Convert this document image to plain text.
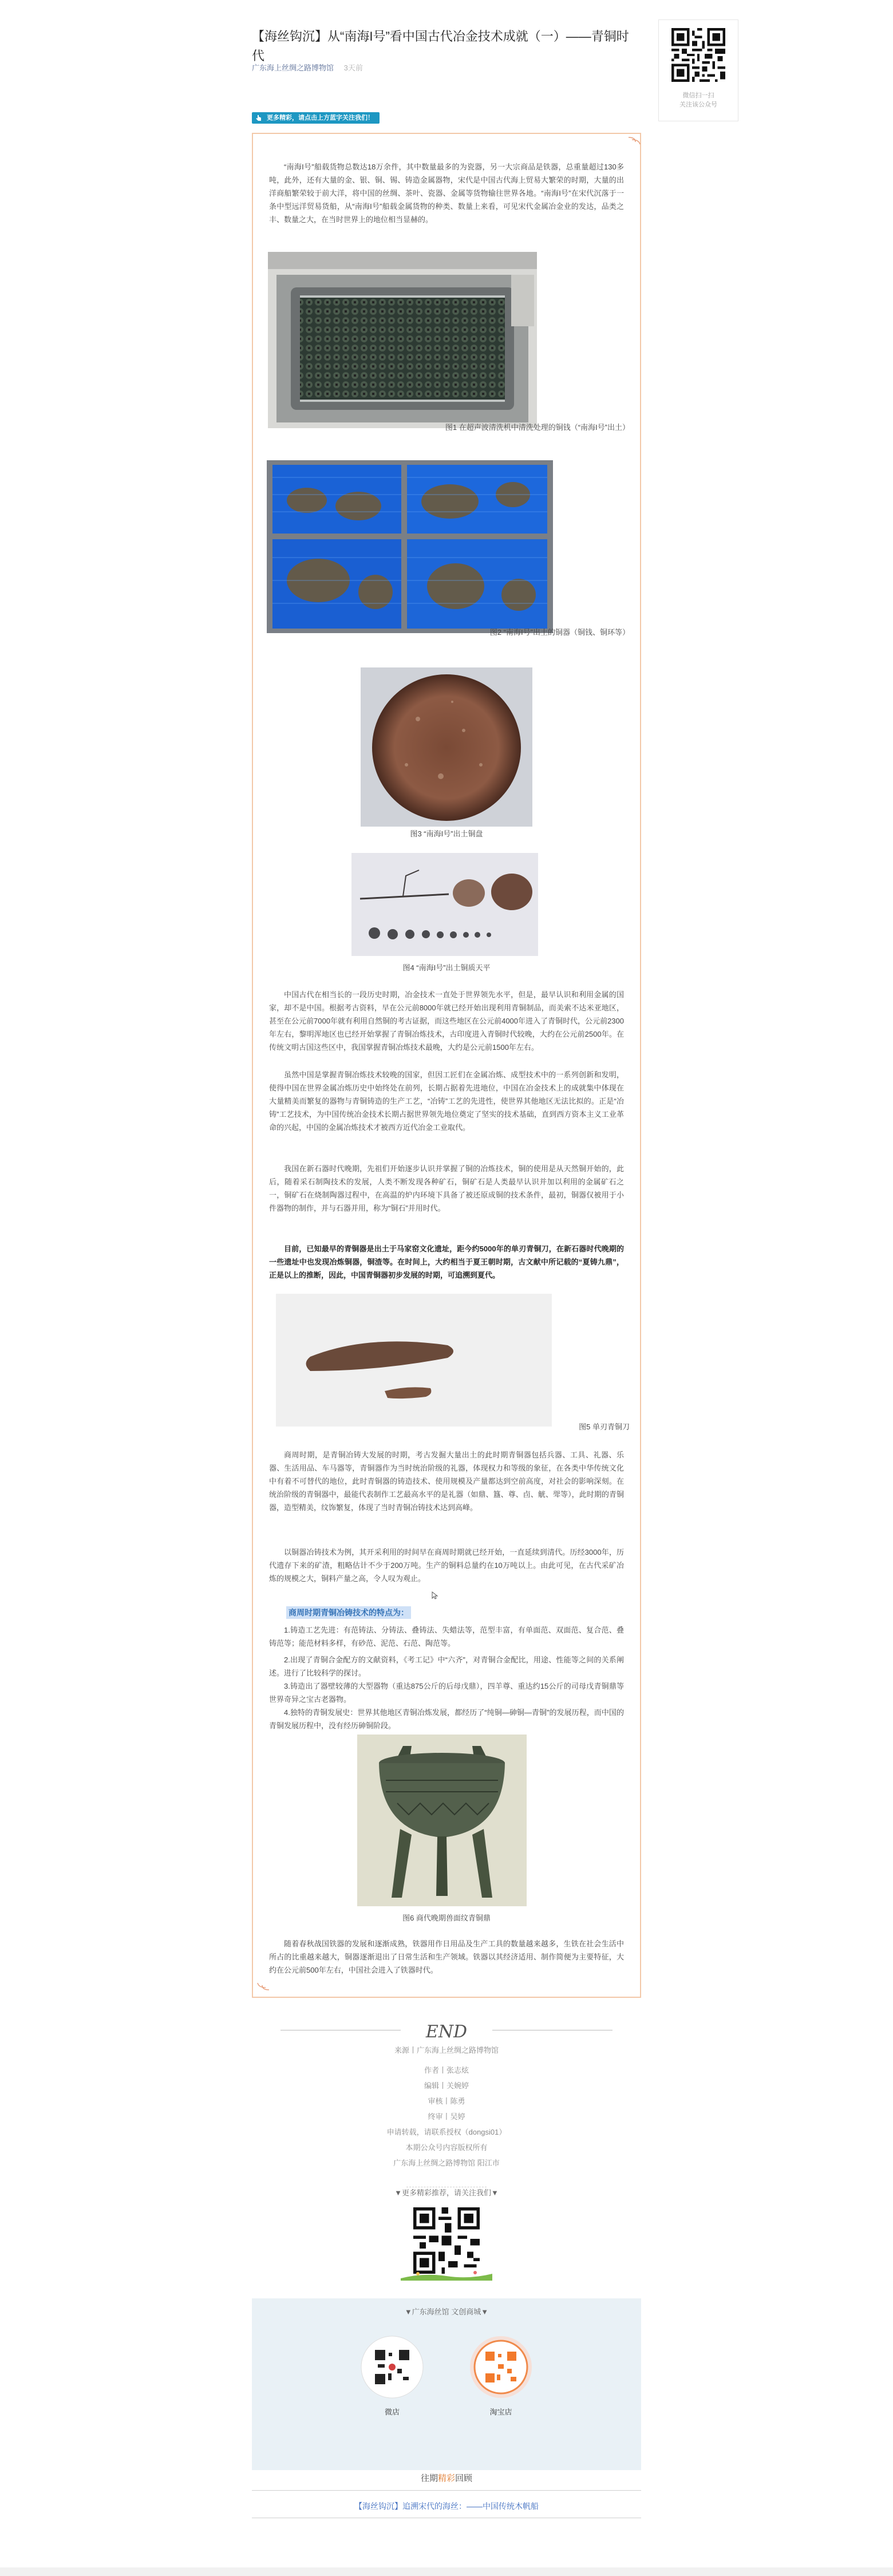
【海丝钩沉】从“南海I号”看中国古代冶金技术成就（一）——青铜时代
广东海上丝绸之路博物馆 3天前
微信扫一扫
关注该公众号
更多精彩，请点击上方蓝字关注我们！

“南海I号”船载货物总数达18万余件，其中数量最多的为瓷器，另一大宗商品是铁器，总重量超过130多吨，此外，还有大量的金、银、铜、锡、铸造金属器物，宋代是中国古代海上贸易大繁荣的时期，大量的出洋商船繁荣较于前大洋，将中国的丝绸、茶叶、瓷器、金属等货物输往世界各地。“南海I号”在宋代沉落于一条中型远洋贸易货船，从“南海I号”船载金属货物的种类、数量上来看，可见宋代金属冶金业的发达，品类之丰、数量之大，在当时世界上的地位相当显赫的。

图1 在超声波清洗机中清洗处理的铜钱（“南海I号”出土）
图2 “南海I号”出土的铜器（铜钱、铜环等）
图3 “南海I号”出土铜盘
图4 “南海I号”出土铜质天平

中国古代在相当长的一段历史时期，冶金技术一直处于世界领先水平，但是，最早认识和利用金属的国家，却不是中国。根据考古资料，早在公元前8000年就已经开始出现利用青铜制品，而美索不达米亚地区，甚至在公元前7000年就有利用自然铜的考古证据，而这些地区在公元前4000年进入了青铜时代，公元前2300年左右，黎明浑地区也已经开始掌握了青铜冶炼技术，古印度进入青铜时代较晚，大约在公元前2500年。在传统文明古国这些区中，我国掌握青铜冶炼技术最晚，大约是公元前1500年左右。

虽然中国是掌握青铜冶炼技术较晚的国家，但因工匠们在金属冶炼、成型技术中的一系列创新和发明，使得中国在世界金属冶炼历史中始终处在前列，长期占据着先进地位，中国在冶金技术上的成就集中体现在大量精美而繁复的器物与青铜铸造的生产工艺，“冶铸”工艺的先进性，使世界其他地区无法比拟的。正是“冶铸”工艺技术，为中国传统冶金技术长期占据世界领先地位奠定了坚实的技术基础，直到西方资本主义工业革命的兴起，中国的金属冶炼技术才被西方近代冶金工业取代。

我国在新石器时代晚期，先祖们开始逐步认识并掌握了铜的冶炼技术，铜的使用是从天然铜开始的，此后，随着采石制陶技术的发展，人类不断发现各种矿石，铜矿石是人类最早认识并加以利用的金属矿石之一，铜矿石在烧制陶器过程中，在高温的炉内环境下具备了被还原成铜的技术条件，最初，铜器仅被用于小件器物的制作，并与石器并用，称为“铜石”并用时代。

目前，已知最早的青铜器是出土于马家窑文化遗址，距今约5000年的单刃青铜刀，在新石器时代晚期的一些遗址中也发现冶炼铜器，铜渣等。在时间上，大约相当于夏王朝时期，古文献中所记载的“夏铸九鼎”，正是以上的推断，因此，中国青铜器初步发展的时期，可追溯到夏代。

图5 单刃青铜刀

商周时期，是青铜冶铸大发展的时期，考古发掘大量出土的此时期青铜器包括兵器、工具、礼器、乐器、生活用品、车马器等，青铜器作为当时统治阶级的礼器，体现权力和等级的象征，在各类中华传统文化中有着不可替代的地位，此时青铜器的铸造技术、使用规模及产量都达到空前高度，对社会的影响深刻。在统治阶级的青铜器中，最能代表制作工艺最高水平的是礼器（如鼎、簋、尊、卣、觥、斝等），此时期的青铜器，造型精美，纹饰繁复，体现了当时青铜冶铸技术达到高峰。

以铜器冶铸技术为例，其开采利用的时间早在商周时期就已经开始，一直延续到清代。历经3000年，历代遗存下来的矿渣，粗略估计不少于200万吨。生产的铜料总量约在10万吨以上。由此可见，在古代采矿冶炼的规模之大，铜料产量之高，令人叹为观止。

商周时期青铜冶铸技术的特点为：

1.铸造工艺先进：有范铸法、分铸法、叠铸法、失蜡法等，范型丰富，有单面范、双面范、复合范、叠铸范等；能范材料多样，有砂范、泥范、石范、陶范等。

2.出现了青铜合金配方的文献资料，《考工记》中“六齐”，对青铜合金配比，用途、性能等之间的关系阐述。进行了比较科学的探讨。

3.铸造出了器壁较薄的大型器物（重达875公斤的后母戊鼎），四羊尊、重达约15公斤的司母戊青铜鼎等世界奇异之宝古老器物。

4.独特的青铜发展史：世界其他地区青铜冶炼发展，都经历了“纯铜—砷铜—青铜”的发展历程，而中国的青铜发展历程中，没有经历砷铜阶段。

图6 商代晚期兽面纹青铜鼎

随着春秋战国铁器的发展和逐渐成熟，铁器用作日用品及生产工具的数量越来越多，生铁在社会生活中所占的比重越来越大，铜器逐渐退出了日常生活和生产领域。铁器以其经济适用、制作简便为主要特征，大约在公元前500年左右，中国社会进入了铁器时代。

END
来源丨广东海上丝绸之路博物馆
作者丨张志炫
编辑丨关婉婷
审核丨陈勇
终审丨吴婷
申请转载，请联系授权（dongsi01）
本期公众号内容版权所有
广东海上丝绸之路博物馆 阳江市
▼更多精彩推荐，请关注我们▼
▼广东海丝馆 文创商城▼
微店	淘宝店
往期精彩回顾
【海丝钩沉】追溯宋代的海丝：——中国传统木帆船
